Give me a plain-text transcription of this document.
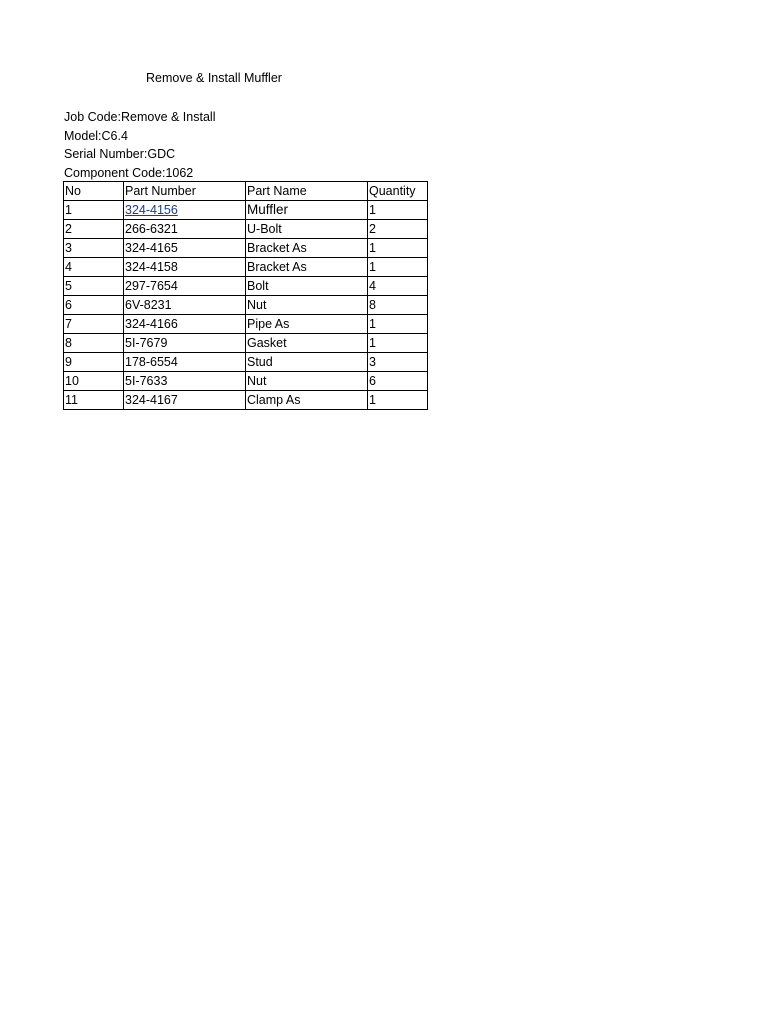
Remove & Install Muffler
Job Code:Remove & Install
Model:C6.4
Serial Number:GDC
Component Code:1062
No	Part Number	Part Name	Quantity
1	324-4156	Muffler	1
2	266-6321	U-Bolt	2
3	324-4165	Bracket As	1
4	324-4158	Bracket As	1
5	297-7654	Bolt	4
6	6V-8231	Nut	8
7	324-4166	Pipe As	1
8	5I-7679	Gasket	1
9	178-6554	Stud	3
10	5I-7633	Nut	6
11	324-4167	Clamp As	1
